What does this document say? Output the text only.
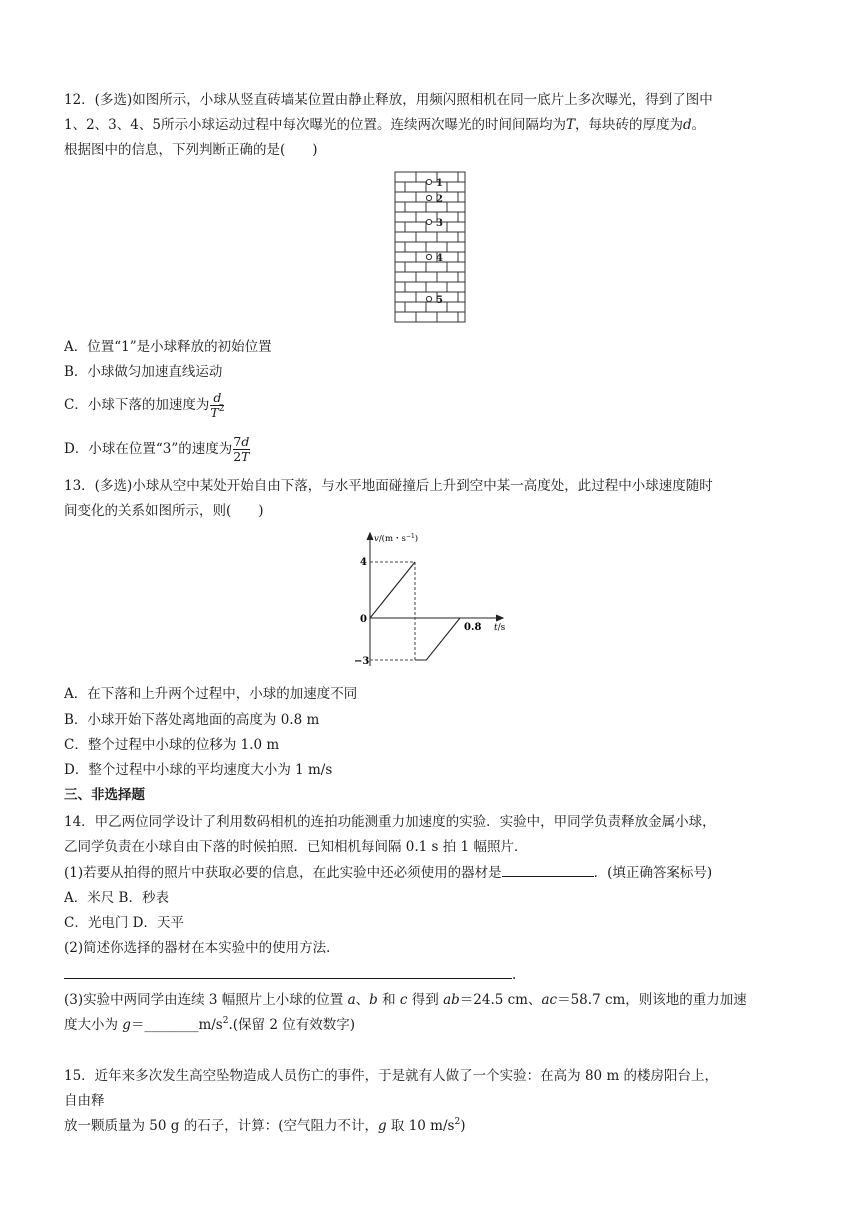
12．(多选)如图所示，小球从竖直砖墙某位置由静止释放，用频闪照相机在同一底片上多次曝光，得到了图中
1、2、3、4、5所示小球运动过程中每次曝光的位置。连续两次曝光的时间间隔均为T，每块砖的厚度为d。
根据图中的信息，下列判断正确的是(　　)
1
2
3
4
5
A．位置“1”是小球释放的初始位置
B．小球做匀加速直线运动
C．小球下落的加速度为 $\frac{d}{T^2}$
D．小球在位置“3”的速度为 $\frac{7d}{2T}$
13．(多选)小球从空中某处开始自由下落，与水平地面碰撞后上升到空中某一高度处，此过程中小球速度随时
间变化的关系如图所示，则(　　)
v/(m・$s^{-1}$)
4
0
−3
0.8 t/s
A．在下落和上升两个过程中，小球的加速度不同
B．小球开始下落处离地面的高度为 0.8 m
C．整个过程中小球的位移为 1.0 m
D．整个过程中小球的平均速度大小为 1 m/s
三、非选择题
14．甲乙两位同学设计了利用数码相机的连拍功能测重力加速度的实验．实验中，甲同学负责释放金属小球，
乙同学负责在小球自由下落的时候拍照．已知相机每间隔 0.1 s 拍 1 幅照片．
(1)若要从拍得的照片中获取必要的信息，在此实验中还必须使用的器材是	．(填正确答案标号)
A．米尺 B．秒表
C．光电门 D．天平
(2)简述你选择的器材在本实验中的使用方法．
.
(3)实验中两同学由连续 3 幅照片上小球的位置 a、b 和 c 得到 ab＝24.5 cm、ac＝58.7 cm，则该地的重力加速
度大小为 $g=\_\_\_\_\_\_\_\_m/s^2$.(保留 2 位有效数字)
15．近年来多次发生高空坠物造成人员伤亡的事件，于是就有人做了一个实验：在高为 80 m 的楼房阳台上，
自由释
放一颗质量为 50 g 的石子，计算：(空气阻力不计，g 取 10 $m/s^2$)
